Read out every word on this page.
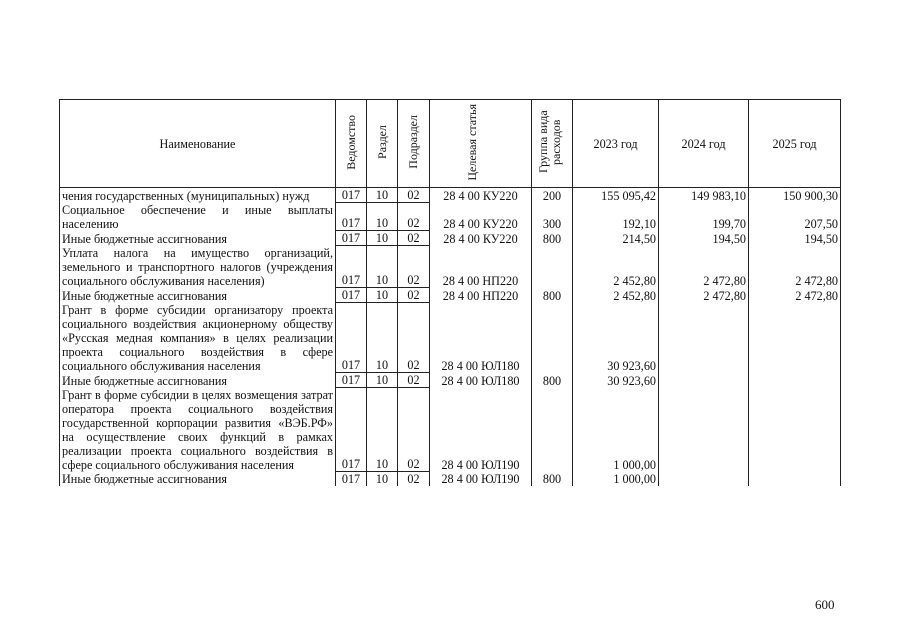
Наименование	Ведомство	Раздел	Подраздел	Целевая статья	Группа вида расходов	2023 год	2024 год	2025 год
чения государственных (муниципальных) нужд	017	10	02	28 4 00 КУ220	200	155 095,42	149 983,10	150 900,30
Социальное обеспечение и иные выплаты населению	017	10	02	28 4 00 КУ220	300	192,10	199,70	207,50
Иные бюджетные ассигнования	017	10	02	28 4 00 КУ220	800	214,50	194,50	194,50
Уплата налога на имущество организаций, земельного и транспортного налогов (учреждения социального обслуживания населения)	017	10	02	28 4 00 НП220		2 452,80	2 472,80	2 472,80
Иные бюджетные ассигнования	017	10	02	28 4 00 НП220	800	2 452,80	2 472,80	2 472,80
Грант в форме субсидии организатору проекта социального воздействия акционерному обществу «Русская медная компания» в целях реализации проекта социального воздействия в сфере социального обслуживания населения	017	10	02	28 4 00 ЮЛ180		30 923,60		
Иные бюджетные ассигнования	017	10	02	28 4 00 ЮЛ180	800	30 923,60		
Грант в форме субсидии в целях возмещения затрат оператора проекта социального воздействия государственной корпорации развития «ВЭБ.РФ» на осуществление своих функций в рамках реализации проекта социального воздействия в сфере социального обслуживания населения	017	10	02	28 4 00 ЮЛ190		1 000,00		
Иные бюджетные ассигнования	017	10	02	28 4 00 ЮЛ190	800	1 000,00		
600
